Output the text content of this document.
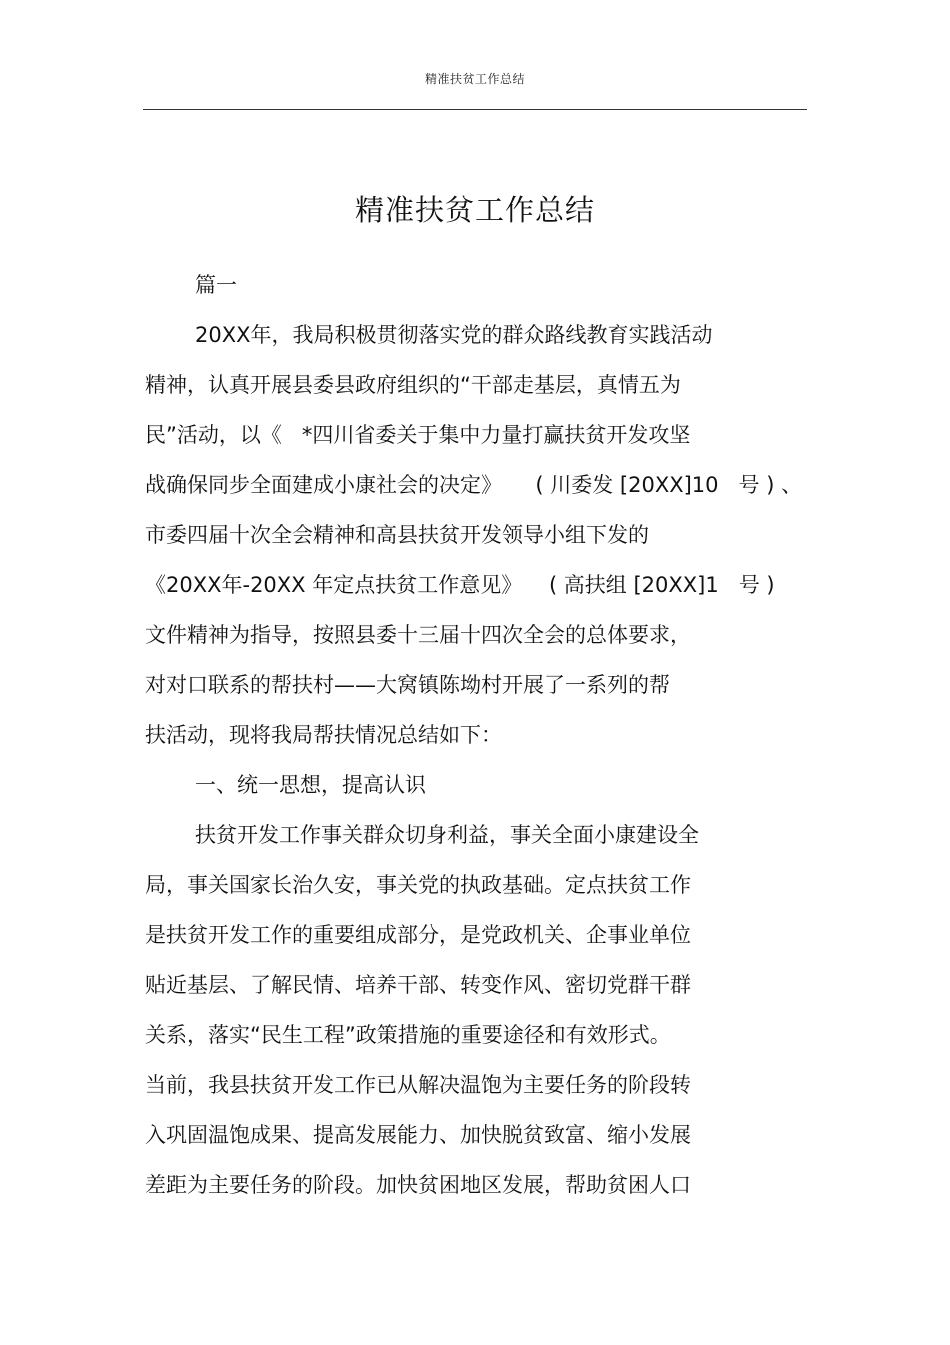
精准扶贫工作总结
精准扶贫工作总结
篇一
20XX年，我局积极贯彻落实党的群众路线教育实践活动
精神，认真开展县委县政府组织的“干部走基层，真情五为
民”活动，以《   *四川省委关于集中力量打赢扶贫开发攻坚
战确保同步全面建成小康社会的决定》     ( 川委发 [20XX]10   号 ) 、
市委四届十次全会精神和高县扶贫开发领导小组下发的
《20XX年-20XX 年定点扶贫工作意见》    ( 高扶组 [20XX]1   号 )
文件精神为指导，按照县委十三届十四次全会的总体要求，
对对口联系的帮扶村——大窝镇陈坳村开展了一系列的帮
扶活动，现将我局帮扶情况总结如下：
一、统一思想，提高认识
扶贫开发工作事关群众切身利益，事关全面小康建设全
局，事关国家长治久安，事关党的执政基础。定点扶贫工作
是扶贫开发工作的重要组成部分，是党政机关、企事业单位
贴近基层、了解民情、培养干部、转变作风、密切党群干群
关系，落实“民生工程”政策措施的重要途径和有效形式。
当前，我县扶贫开发工作已从解决温饱为主要任务的阶段转
入巩固温饱成果、提高发展能力、加快脱贫致富、缩小发展
差距为主要任务的阶段。加快贫困地区发展，帮助贫困人口
